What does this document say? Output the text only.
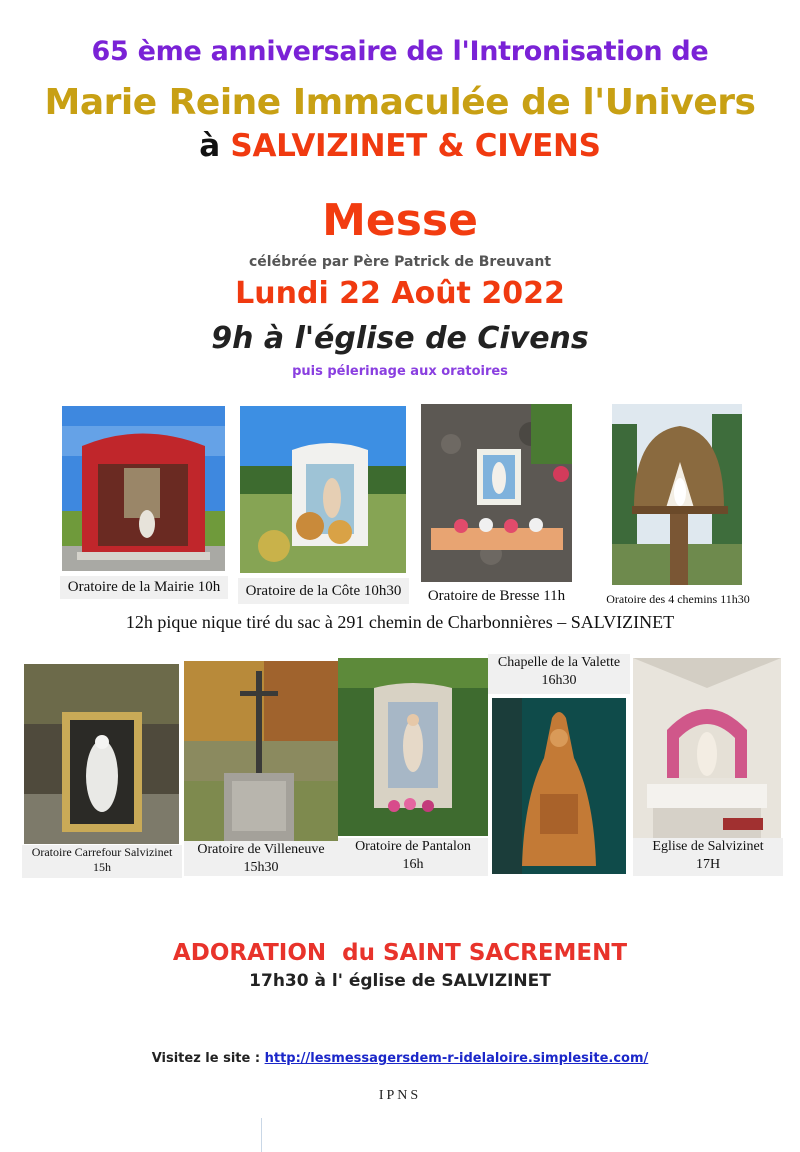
65 ème anniversaire de l'Intronisation de
Marie Reine Immaculée de l'Univers
à SALVIZINET & CIVENS
Messe
célébrée par Père Patrick de Breuvant
Lundi 22 Août 2022
9h à l'église de Civens
puis pélerinage aux oratoires
Oratoire de la Mairie 10h	Oratoire de la Côte 10h30	Oratoire de Bresse 11h	Oratoire des 4 chemins 11h30
12h pique nique tiré du sac à 291 chemin de Charbonnières – SALVIZINET
Oratoire Carrefour Salvizinet
15h
Oratoire de Villeneuve
15h30
Oratoire de Pantalon
16h
Chapelle de la Valette
16h30
Eglise de Salvizinet
17H
ADORATION  du SAINT SACREMENT
17h30 à l' église de SALVIZINET
Visitez le site : http://lesmessagersdem-r-idelaloire.simplesite.com/
IPNS
